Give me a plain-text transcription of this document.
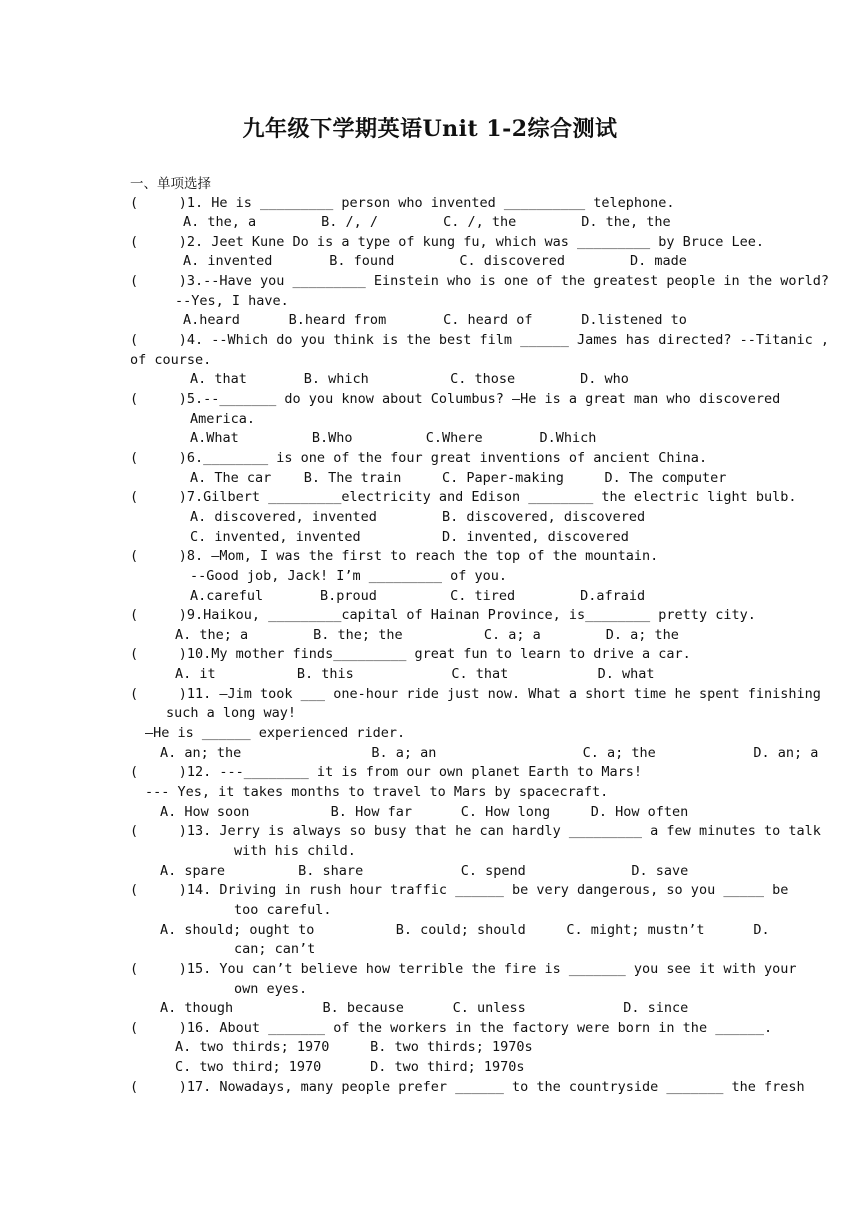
九年级下学期英语Unit 1-2综合测试
一、单项选择
(     )1. He is _________ person who invented __________ telephone.
A. the, a        B. /, /        C. /, the        D. the, the
(     )2. Jeet Kune Do is a type of kung fu, which was _________ by Bruce Lee.
A. invented       B. found        C. discovered        D. made
(     )3.--Have you _________ Einstein who is one of the greatest people in the world?
--Yes, I have.
A.heard      B.heard from       C. heard of      D.listened to
(     )4. --Which do you think is the best film ______ James has directed? --Titanic ,
of course.
A. that       B. which          C. those        D. who
(     )5.--_______ do you know about Columbus? –He is a great man who discovered
America.
A.What         B.Who         C.Where       D.Which
(     )6.________ is one of the four great inventions of ancient China.
A. The car    B. The train     C. Paper-making     D. The computer
(     )7.Gilbert _________electricity and Edison ________ the electric light bulb.
A. discovered, invented        B. discovered, discovered
C. invented, invented          D. invented, discovered
(     )8. –Mom, I was the first to reach the top of the mountain.
--Good job, Jack! I’m _________ of you.
A.careful       B.proud         C. tired        D.afraid
(     )9.Haikou, _________capital of Hainan Province, is________ pretty city.
A. the; a        B. the; the          C. a; a        D. a; the
(     )10.My mother finds_________ great fun to learn to drive a car.
A. it          B. this            C. that           D. what
(     )11. —Jim took ___ one-hour ride just now. What a short time he spent finishing
such a long way!
—He is ______ experienced rider.
A. an; the                B. a; an                  C. a; the            D. an; a
(     )12. ---________ it is from our own planet Earth to Mars!
--- Yes, it takes months to travel to Mars by spacecraft.
A. How soon          B. How far      C. How long     D. How often
(     )13. Jerry is always so busy that he can hardly _________ a few minutes to talk
with his child.
A. spare         B. share            C. spend             D. save
(     )14. Driving in rush hour traffic ______ be very dangerous, so you _____ be
too careful.
A. should; ought to          B. could; should     C. might; mustn’t      D.
can; can’t
(     )15. You can’t believe how terrible the fire is _______ you see it with your
own eyes.
A. though           B. because      C. unless            D. since
(     )16. About _______ of the workers in the factory were born in the ______.
A. two thirds; 1970     B. two thirds; 1970s
C. two third; 1970      D. two third; 1970s
(     )17. Nowadays, many people prefer ______ to the countryside _______ the fresh
